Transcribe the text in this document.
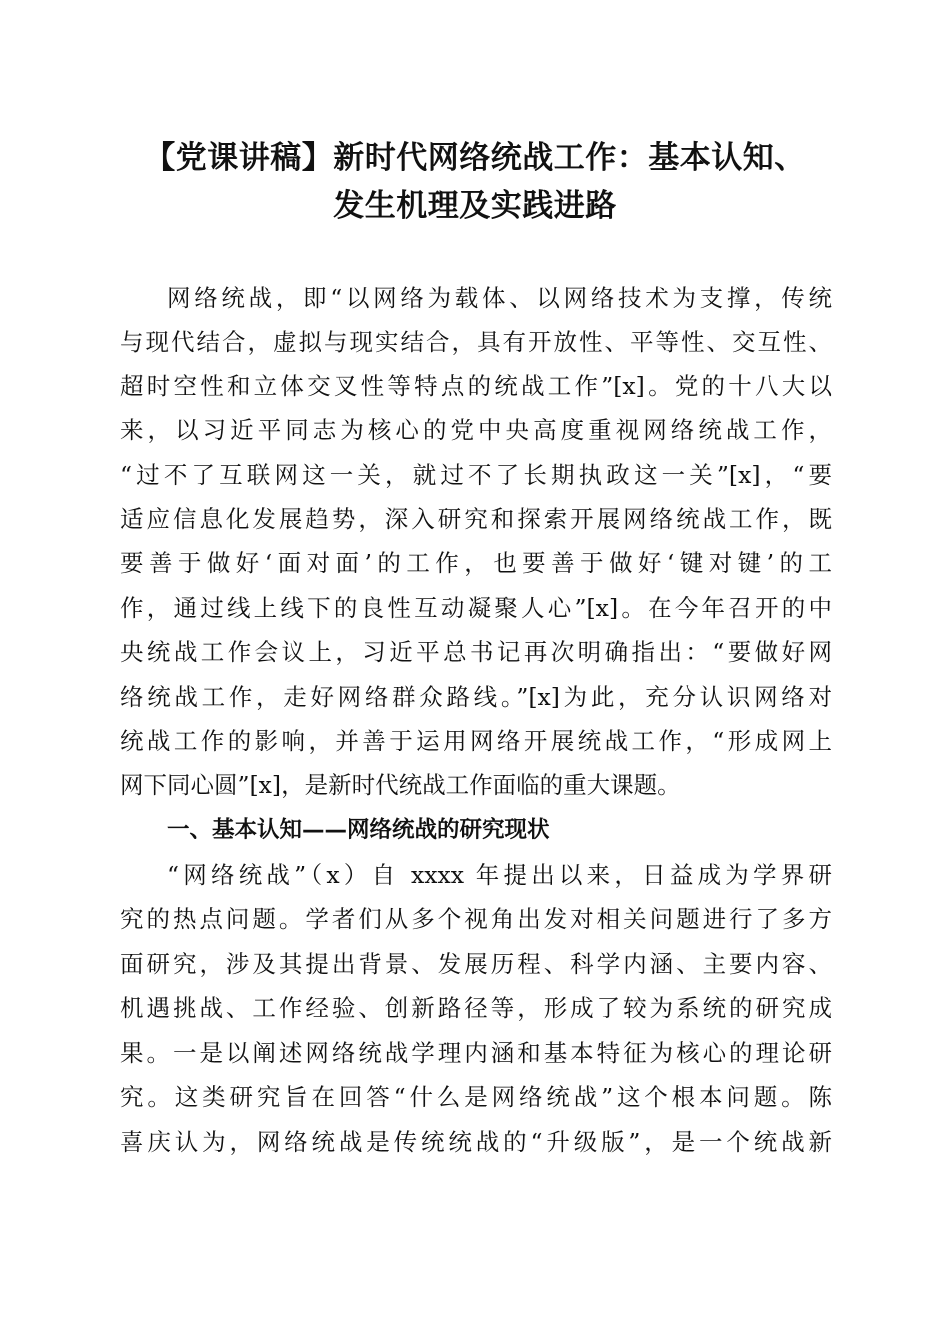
【党课讲稿】新时代网络统战工作：基本认知、
发生机理及实践进路

网络统战，即“以网络为载体、以网络技术为支撑，传统

与现代结合，虚拟与现实结合，具有开放性、平等性、交互性、

超时空性和立体交叉性等特点的统战工作”[x]。党的十八大以

来，以习近平同志为核心的党中央高度重视网络统战工作，

“过不了互联网这一关，就过不了长期执政这一关”[x]，“要

适应信息化发展趋势，深入研究和探索开展网络统战工作，既

要善于做好‘面对面’的工作，也要善于做好‘键对键’的工

作，通过线上线下的良性互动凝聚人心”[x]。在今年召开的中

央统战工作会议上，习近平总书记再次明确指出：“要做好网

络统战工作，走好网络群众路线。”[x]为此，充分认识网络对

统战工作的影响，并善于运用网络开展统战工作，“形成网上

网下同心圆”[x]，是新时代统战工作面临的重大课题。

一、基本认知——网络统战的研究现状

“网络统战”（x）自 xxxx 年提出以来，日益成为学界研

究的热点问题。学者们从多个视角出发对相关问题进行了多方

面研究，涉及其提出背景、发展历程、科学内涵、主要内容、

机遇挑战、工作经验、创新路径等，形成了较为系统的研究成

果。一是以阐述网络统战学理内涵和基本特征为核心的理论研

究。这类研究旨在回答“什么是网络统战”这个根本问题。陈

喜庆认为，网络统战是传统统战的“升级版”，是一个统战新
